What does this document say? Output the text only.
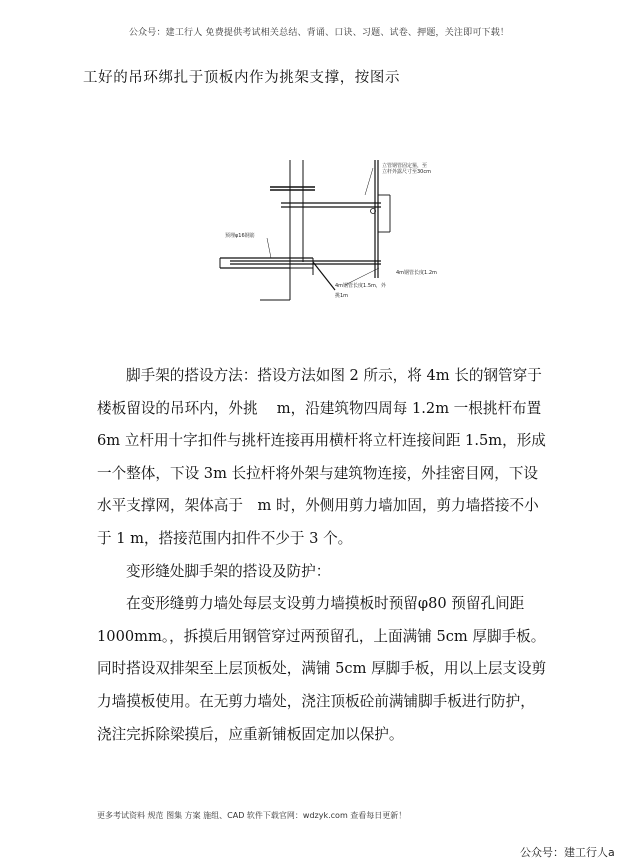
公众号：建工行人 免费提供考试相关总结、背诵、口诀、习题、试卷、押题，关注即可下载！
工好的吊环绑扎于顶板内作为挑架支撑，按图示
立管钢管固定箍，至
立杆外露尺寸至30cm
预埋φ16钢筋
4m钢管长度1.2m
4m钢管长度1.5m，外
挑1m

脚手架的搭设方法：搭设方法如图 2 所示，将 4m 长的钢管穿于楼板留设的吊环内，外挑　 m，沿建筑物四周每 1.2m 一根挑杆布置 6m 立杆用十字扣件与挑杆连接再用横杆将立杆连接间距 1.5m，形成一个整体，下设 3m 长拉杆将外架与建筑物连接，外挂密目网，下设水平支撑网，架体高于　m 时，外侧用剪力墙加固，剪力墙搭接不小于 1 m，搭接范围内扣件不少于 3 个。

变形缝处脚手架的搭设及防护：

在变形缝剪力墙处每层支设剪力墙摸板时预留φ80 预留孔间距 1000mm。，拆摸后用钢管穿过两预留孔，上面满铺 5cm 厚脚手板。同时搭设双排架至上层顶板处，满铺 5cm 厚脚手板，用以上层支设剪力墙摸板使用。在无剪力墙处，浇注顶板砼前满铺脚手板进行防护，浇注完拆除梁摸后，应重新铺板固定加以保护。

更多考试资料 规范 图集 方案 施组、CAD 软件下载官网：wdzyk.com 查看每日更新！
公众号：建工行人a
